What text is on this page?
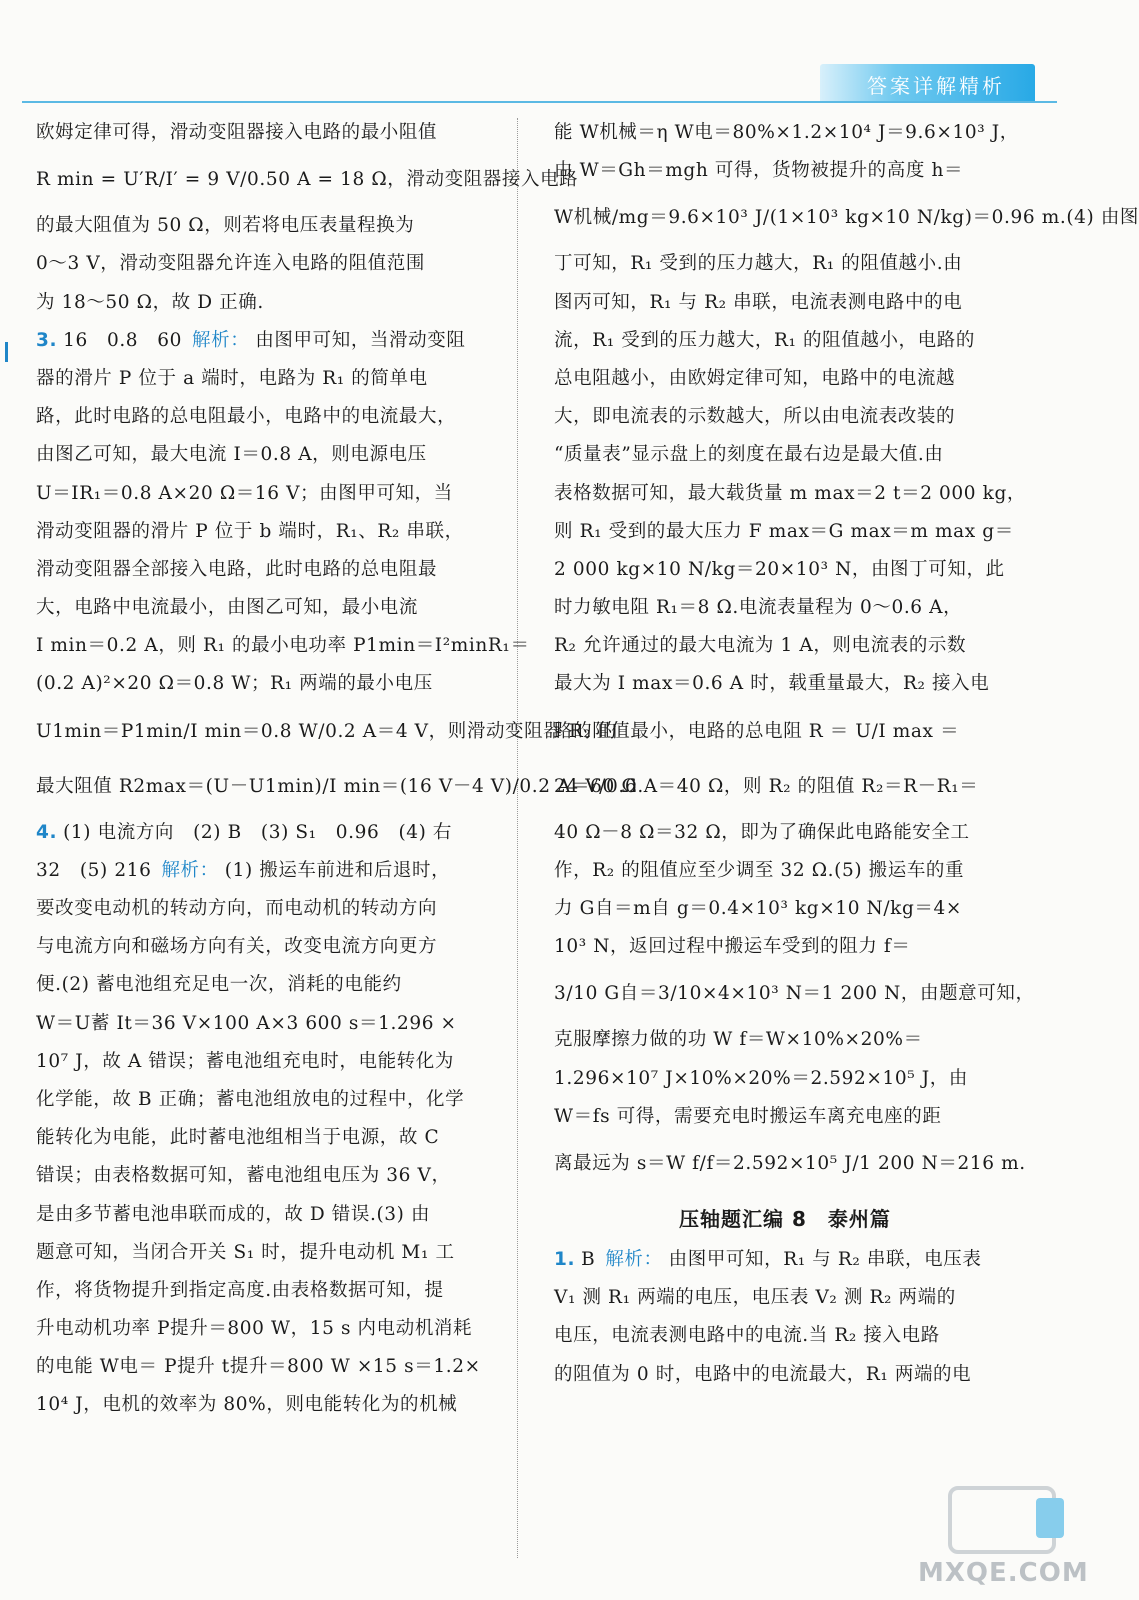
答案详解精析
欧姆定律可得，滑动变阻器接入电路的最小阻值
R min = U′R/I′ = 9 V/0.50 A = 18 Ω，滑动变阻器接入电路
的最大阻值为 50 Ω，则若将电压表量程换为
0～3 V，滑动变阻器允许连入电路的阻值范围
为 18～50 Ω，故 D 正确.
3. 16　0.8　60 解析： 由图甲可知，当滑动变阻
器的滑片 P 位于 a 端时，电路为 R₁ 的简单电
路，此时电路的总电阻最小，电路中的电流最大，
由图乙可知，最大电流 I＝0.8 A，则电源电压
U＝IR₁＝0.8 A×20 Ω＝16 V；由图甲可知，当
滑动变阻器的滑片 P 位于 b 端时，R₁、R₂ 串联，
滑动变阻器全部接入电路，此时电路的总电阻最
大，电路中电流最小，由图乙可知，最小电流
I min＝0.2 A，则 R₁ 的最小电功率 P1min＝I²minR₁＝
(0.2 A)²×20 Ω＝0.8 W；R₁ 两端的最小电压
U1min＝P1min/I min＝0.8 W/0.2 A＝4 V，则滑动变阻器 R₂ 的
最大阻值 R2max＝(U－U1min)/I min＝(16 V－4 V)/0.2 A＝60 Ω.
4. (1) 电流方向　(2) B　(3) S₁　0.96　(4) 右
32　(5) 216 解析： (1) 搬运车前进和后退时，
要改变电动机的转动方向，而电动机的转动方向
与电流方向和磁场方向有关，改变电流方向更方
便.(2) 蓄电池组充足电一次，消耗的电能约
W＝U蓄 It＝36 V×100 A×3 600 s＝1.296 ×
10⁷ J，故 A 错误；蓄电池组充电时，电能转化为
化学能，故 B 正确；蓄电池组放电的过程中，化学
能转化为电能，此时蓄电池组相当于电源，故 C
错误；由表格数据可知，蓄电池组电压为 36 V，
是由多节蓄电池串联而成的，故 D 错误.(3) 由
题意可知，当闭合开关 S₁ 时，提升电动机 M₁ 工
作，将货物提升到指定高度.由表格数据可知，提
升电动机功率 P提升＝800 W，15 s 内电动机消耗
的电能 W电＝ P提升 t提升＝800 W ×15 s＝1.2×
10⁴ J，电机的效率为 80%，则电能转化为的机械
能 W机械＝η W电＝80%×1.2×10⁴ J＝9.6×10³ J，
由 W＝Gh＝mgh 可得，货物被提升的高度 h＝
W机械/mg＝9.6×10³ J/(1×10³ kg×10 N/kg)＝0.96 m.(4) 由图
丁可知，R₁ 受到的压力越大，R₁ 的阻值越小.由
图丙可知，R₁ 与 R₂ 串联，电流表测电路中的电
流，R₁ 受到的压力越大，R₁ 的阻值越小，电路的
总电阻越小，由欧姆定律可知，电路中的电流越
大，即电流表的示数越大，所以由电流表改装的
“质量表”显示盘上的刻度在最右边是最大值.由
表格数据可知，最大载货量 m max＝2 t＝2 000 kg，
则 R₁ 受到的最大压力 F max＝G max＝m max g＝
2 000 kg×10 N/kg＝20×10³ N，由图丁可知，此
时力敏电阻 R₁＝8 Ω.电流表量程为 0～0.6 A，
R₂ 允许通过的最大电流为 1 A，则电流表的示数
最大为 I max＝0.6 A 时，载重量最大，R₂ 接入电
路的阻值最小，电路的总电阻 R ＝ U/I max ＝
24 V/0.6 A＝40 Ω，则 R₂ 的阻值 R₂＝R－R₁＝
40 Ω－8 Ω＝32 Ω，即为了确保此电路能安全工
作，R₂ 的阻值应至少调至 32 Ω.(5) 搬运车的重
力 G自＝m自 g＝0.4×10³ kg×10 N/kg＝4×
10³ N，返回过程中搬运车受到的阻力 f＝
3/10 G自＝3/10×4×10³ N＝1 200 N，由题意可知，
克服摩擦力做的功 W f＝W×10%×20%＝
1.296×10⁷ J×10%×20%＝2.592×10⁵ J，由
W＝fs 可得，需要充电时搬运车离充电座的距
离最远为 s＝W f/f＝2.592×10⁵ J/1 200 N＝216 m.
压轴题汇编 8　泰州篇
1. B 解析： 由图甲可知，R₁ 与 R₂ 串联，电压表
V₁ 测 R₁ 两端的电压，电压表 V₂ 测 R₂ 两端的
电压，电流表测电路中的电流.当 R₂ 接入电路
的阻值为 0 时，电路中的电流最大，R₁ 两端的电
MXQE.COM
